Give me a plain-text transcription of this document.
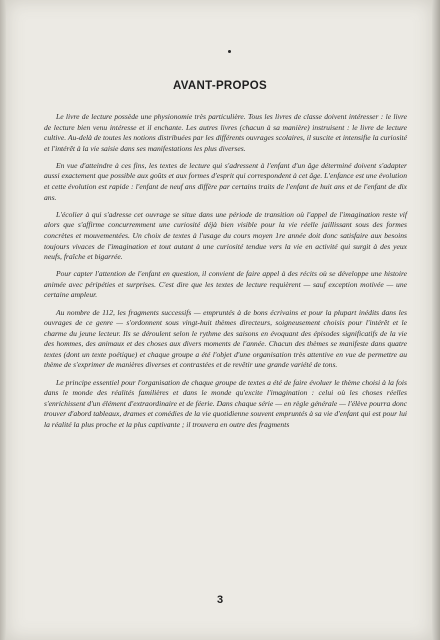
AVANT-PROPOS

Le livre de lecture possède une physionomie très particulière. Tous les livres de classe doivent intéresser : le livre de lecture bien venu intéresse et il enchante. Les autres livres (chacun à sa manière) instruisent : le livre de lecture cultive. Au-delà de toutes les notions distribuées par les différents ouvrages scolaires, il suscite et intensifie la curiosité et l'intérêt à la vie saisie dans ses manifestations les plus diverses.

En vue d'atteindre à ces fins, les textes de lecture qui s'adressent à l'enfant d'un âge déterminé doivent s'adapter aussi exactement que possible aux goûts et aux formes d'esprit qui correspondent à cet âge. L'enfance est une évolution et cette évolution est rapide : l'enfant de neuf ans diffère par certains traits de l'enfant de huit ans et de l'enfant de dix ans.

L'écolier à qui s'adresse cet ouvrage se situe dans une période de transition où l'appel de l'imagination reste vif alors que s'affirme concurremment une curiosité déjà bien visible pour la vie réelle jaillissant sous des formes concrètes et mouvementées. Un choix de textes à l'usage du cours moyen 1re année doit donc satisfaire aux besoins toujours vivaces de l'imagination et tout autant à une curiosité tendue vers la vie en activité qui surgit à des yeux neufs, fraîche et bigarrée.

Pour capter l'attention de l'enfant en question, il convient de faire appel à des récits où se développe une histoire animée avec péripéties et surprises. C'est dire que les textes de lecture requièrent — sauf exception motivée — une certaine ampleur.

Au nombre de 112, les fragments successifs — empruntés à de bons écrivains et pour la plupart inédits dans les ouvrages de ce genre — s'ordonnent sous vingt-huit thèmes directeurs, soigneusement choisis pour l'intérêt et le charme du jeune lecteur. Ils se déroulent selon le rythme des saisons en évoquant des épisodes significatifs de la vie des hommes, des animaux et des choses aux divers moments de l'année. Chacun des thèmes se manifeste dans quatre textes (dont un texte poétique) et chaque groupe a été l'objet d'une organisation très attentive en vue de permettre au thème de s'exprimer de manières diverses et contrastées et de revêtir une grande variété de tons.

Le principe essentiel pour l'organisation de chaque groupe de textes a été de faire évoluer le thème choisi à la fois dans le monde des réalités familières et dans le monde qu'excite l'imagination : celui où les choses réelles s'enrichissent d'un élément d'extraordinaire et de féerie. Dans chaque série — en règle générale — l'élève pourra donc trouver d'abord tableaux, drames et comédies de la vie quotidienne souvent empruntés à sa vie d'enfant qui est pour lui la réalité la plus proche et la plus captivante ; il trouvera en outre des fragments

3
